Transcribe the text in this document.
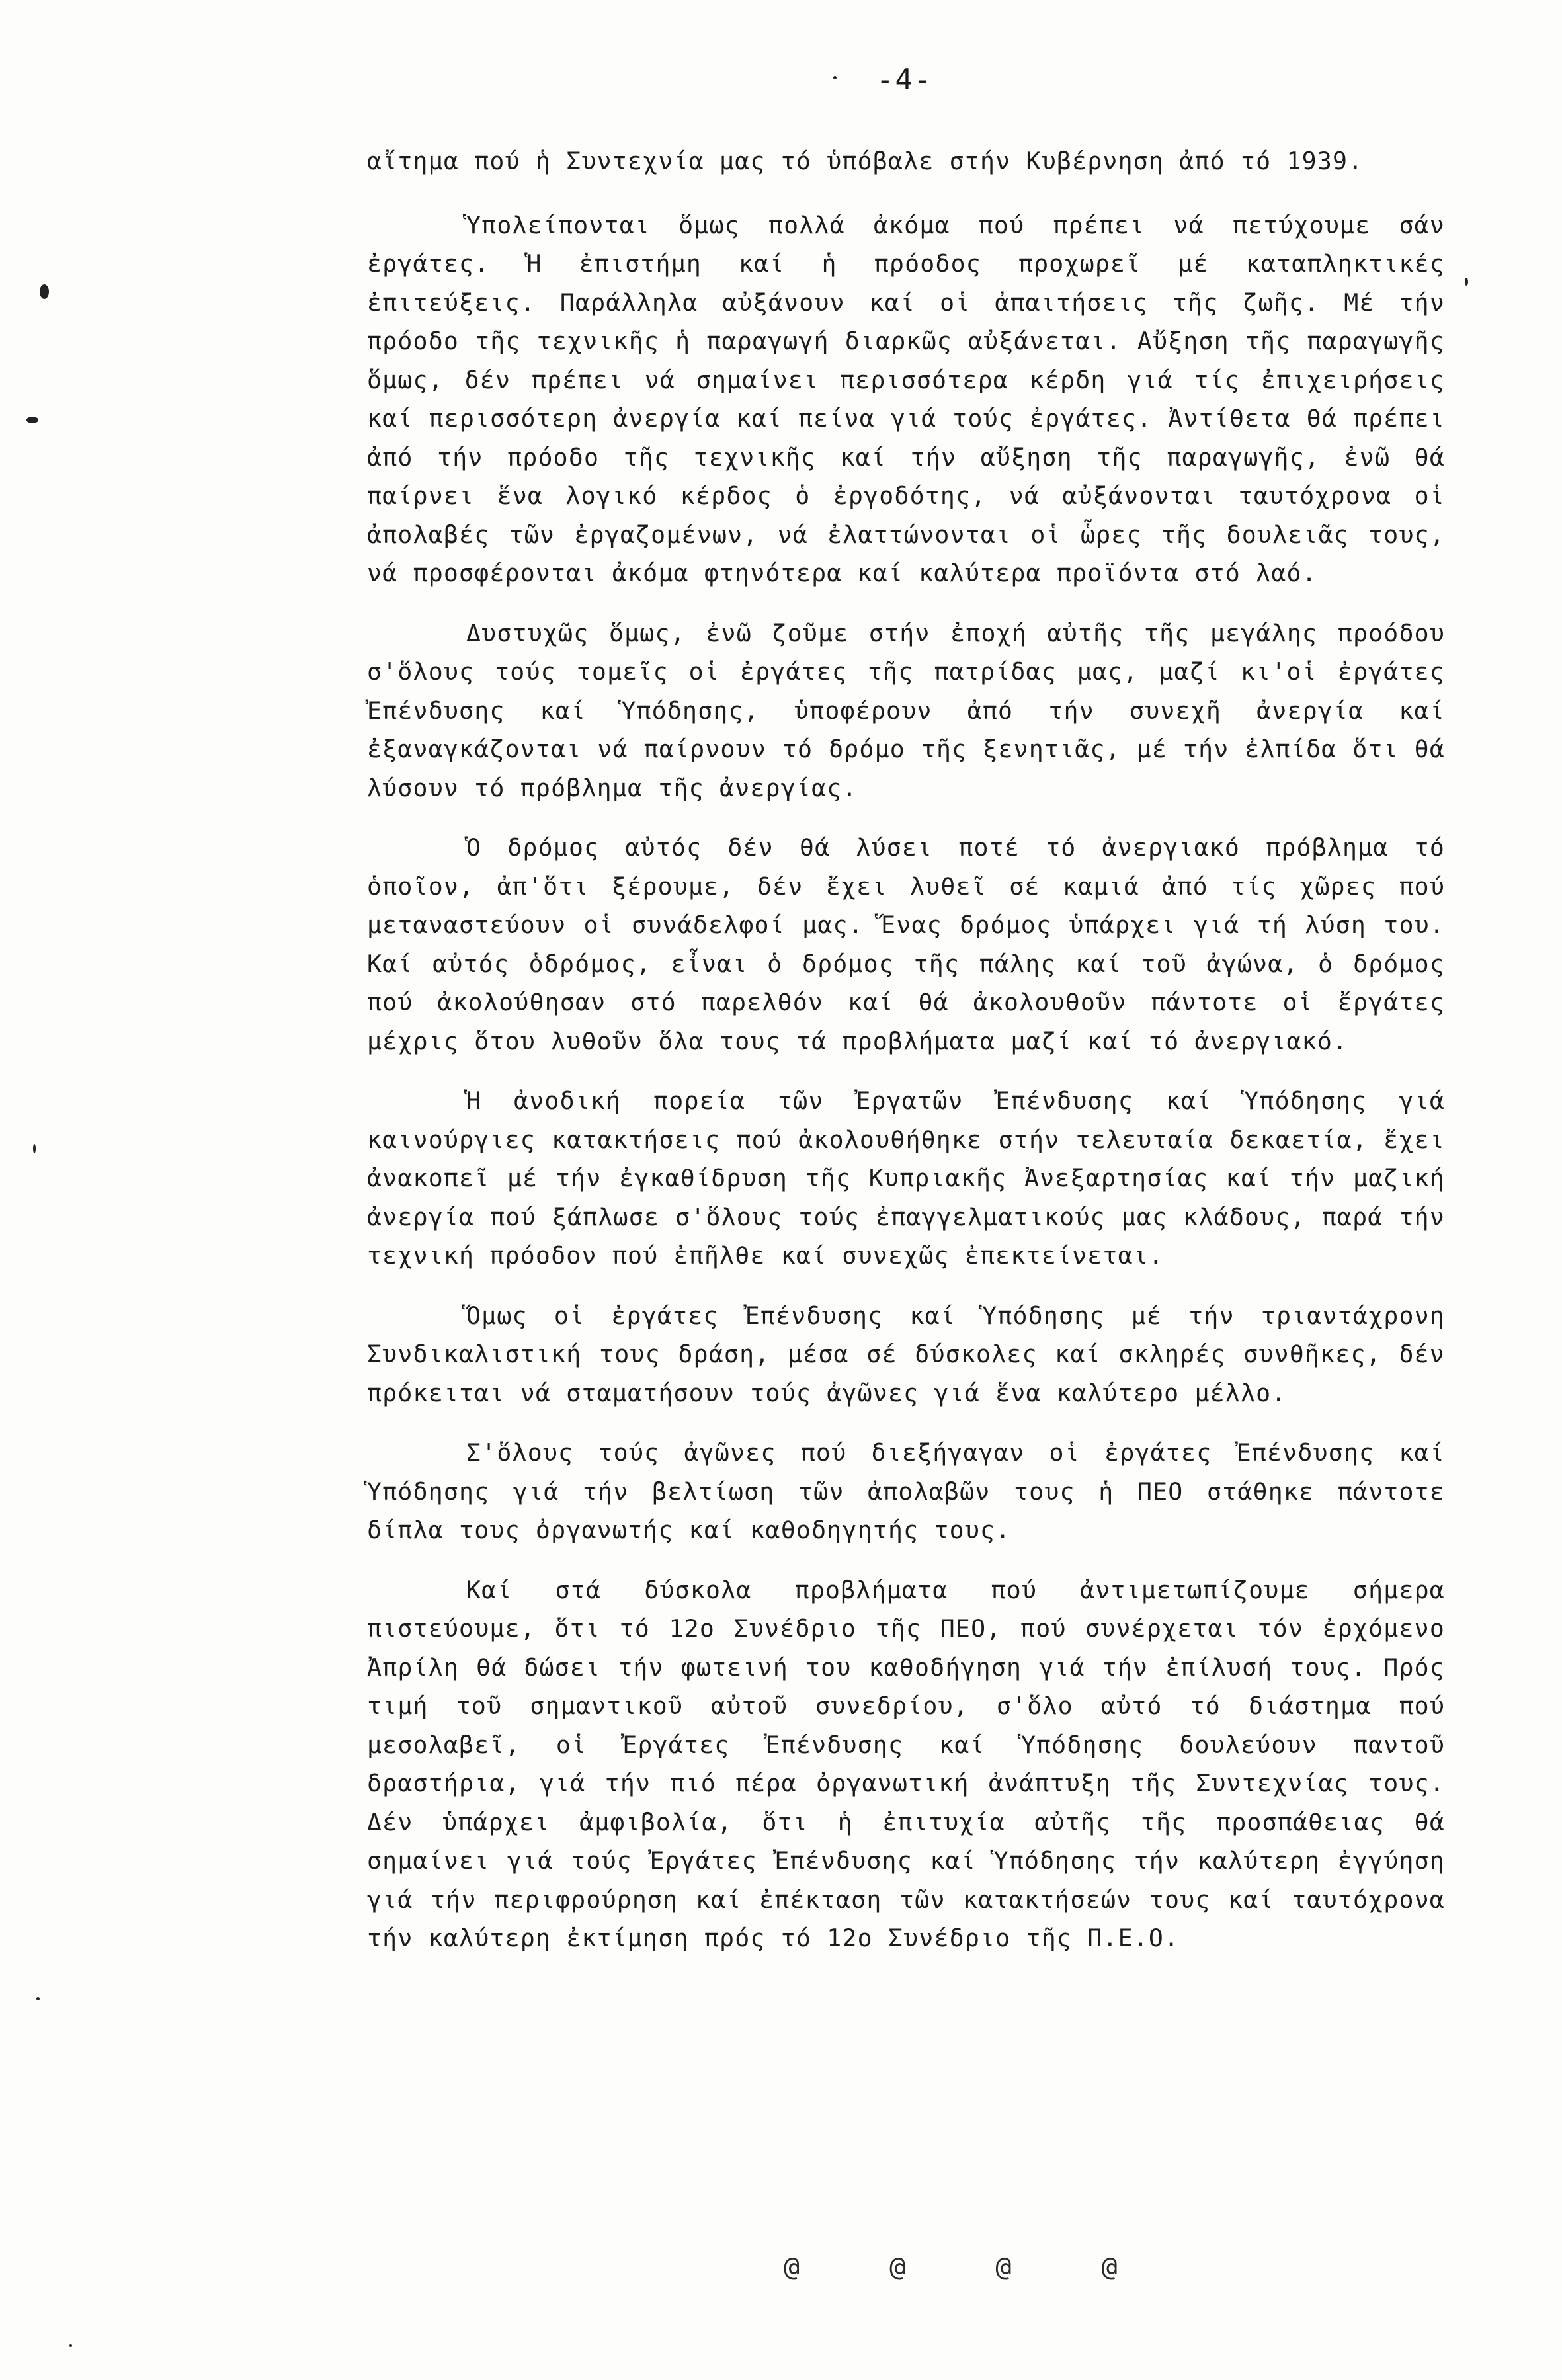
-4-

αἴτημα πού ἡ Συντεχνία μας τό ὑπόβαλε στήν Κυβέρνηση ἀπό τό 1939.

Ὑπολείπονται ὅμως πολλά ἀκόμα πού πρέπει νά πετύχουμε σάν ἐργάτες. Ἡ ἐπιστήμη καί ἡ πρόοδος προχωρεῖ μέ καταπληκτικές ἐπιτεύξεις. Παράλληλα αὐξάνουν καί οἱ ἀπαιτήσεις τῆς ζωῆς. Μέ τήν πρόοδο τῆς τεχνικῆς ἡ παραγωγή διαρκῶς αὐξάνεται. Αὔξηση τῆς παραγωγῆς ὅμως, δέν πρέπει νά σημαίνει περισσότερα κέρδη γιά τίς ἐπιχειρήσεις καί περισσότερη ἀνεργία καί πείνα γιά τούς ἐργάτες. Ἀντίθετα θά πρέπει ἀπό τήν πρόοδο τῆς τεχνικῆς καί τήν αὔξηση τῆς παραγωγῆς, ἐνῶ θά παίρνει ἕνα λογικό κέρδος ὁ ἐργοδότης, νά αὐξάνονται ταυτόχρονα οἱ ἀπολαβές τῶν ἐργαζομένων, νά ἐλαττώνονται οἱ ὧρες τῆς δουλειᾶς τους, νά προσφέρονται ἀκόμα φτηνότερα καί καλύτερα προϊόντα στό λαό.

Δυστυχῶς ὅμως, ἐνῶ ζοῦμε στήν ἐποχή αὐτῆς τῆς μεγάλης προόδου σ'ὅλους τούς τομεῖς οἱ ἐργάτες τῆς πατρίδας μας, μαζί κι'οἱ ἐργάτες Ἐπένδυσης καί Ὑπόδησης, ὑποφέρουν ἀπό τήν συνεχῆ ἀνεργία καί ἐξαναγκάζονται νά παίρνουν τό δρόμο τῆς ξενητιᾶς, μέ τήν ἐλπίδα ὅτι θά λύσουν τό πρόβλημα τῆς ἀνεργίας.

Ὁ δρόμος αὐτός δέν θά λύσει ποτέ τό ἀνεργιακό πρόβλημα τό ὁποῖον, ἀπ'ὅτι ξέρουμε, δέν ἔχει λυθεῖ σέ καμιά ἀπό τίς χῶρες πού μεταναστεύουν οἱ συνάδελφοί μας. Ἕνας δρόμος ὑπάρχει γιά τή λύση του. Καί αὐτός ὁδρόμος, εἶναι ὁ δρόμος τῆς πάλης καί τοῦ ἀγώνα, ὁ δρόμος πού ἀκολούθησαν στό παρελθόν καί θά ἀκολουθοῦν πάντοτε οἱ ἔργάτες μέχρις ὅτου λυθοῦν ὅλα τους τά προβλήματα μαζί καί τό ἀνεργιακό.

Ἡ ἀνοδική πορεία τῶν Ἐργατῶν Ἐπένδυσης καί Ὑπόδησης γιά καινούργιες κατακτήσεις πού ἀκολουθήθηκε στήν τελευταία δεκαετία, ἔχει ἀνακοπεῖ μέ τήν ἐγκαθίδρυση τῆς Κυπριακῆς Ἀνεξαρτησίας καί τήν μαζική ἀνεργία πού ξάπλωσε σ'ὅλους τούς ἐπαγγελματικούς μας κλάδους, παρά τήν τεχνική πρόοδον πού ἐπῆλθε καί συνεχῶς ἐπεκτείνεται.

Ὅμως οἱ ἐργάτες Ἐπένδυσης καί Ὑπόδησης μέ τήν τριαντάχρονη Συνδικαλιστική τους δράση, μέσα σέ δύσκολες καί σκληρές συνθῆκες, δέν πρόκειται νά σταματήσουν τούς ἀγῶνες γιά ἕνα καλύτερο μέλλο.

Σ'ὅλους τούς ἀγῶνες πού διεξήγαγαν οἱ ἐργάτες Ἐπένδυσης καί Ὑπόδησης γιά τήν βελτίωση τῶν ἀπολαβῶν τους ἡ ΠΕΟ στάθηκε πάντοτε δίπλα τους ὀργανωτής καί καθοδηγητής τους.

Καί στά δύσκολα προβλήματα πού ἀντιμετωπίζουμε σήμερα πιστεύουμε, ὅτι τό 12ο Συνέδριο τῆς ΠΕΟ, πού συνέρχεται τόν ἐρχόμενο Ἀπρίλη θά δώσει τήν φωτεινή του καθοδήγηση γιά τήν ἐπίλυσή τους. Πρός τιμή τοῦ σημαντικοῦ αὐτοῦ συνεδρίου, σ'ὅλο αὐτό τό διάστημα πού μεσολαβεῖ, οἱ Ἐργάτες Ἐπένδυσης καί Ὑπόδησης δουλεύουν παντοῦ δραστήρια, γιά τήν πιό πέρα ὀργανωτική ἀνάπτυξη τῆς Συντεχνίας τους. Δέν ὑπάρχει ἀμφιβολία, ὅτι ἡ ἐπιτυχία αὐτῆς τῆς προσπάθειας θά σημαίνει γιά τούς Ἐργάτες Ἐπένδυσης καί Ὑπόδησης τήν καλύτερη ἐγγύηση γιά τήν περιφρούρηση καί ἐπέκταση τῶν κατακτήσεών τους καί ταυτόχρονα τήν καλύτερη ἐκτίμηση πρός τό 12ο Συνέδριο τῆς Π.Ε.Ο.

@ @ @ @
